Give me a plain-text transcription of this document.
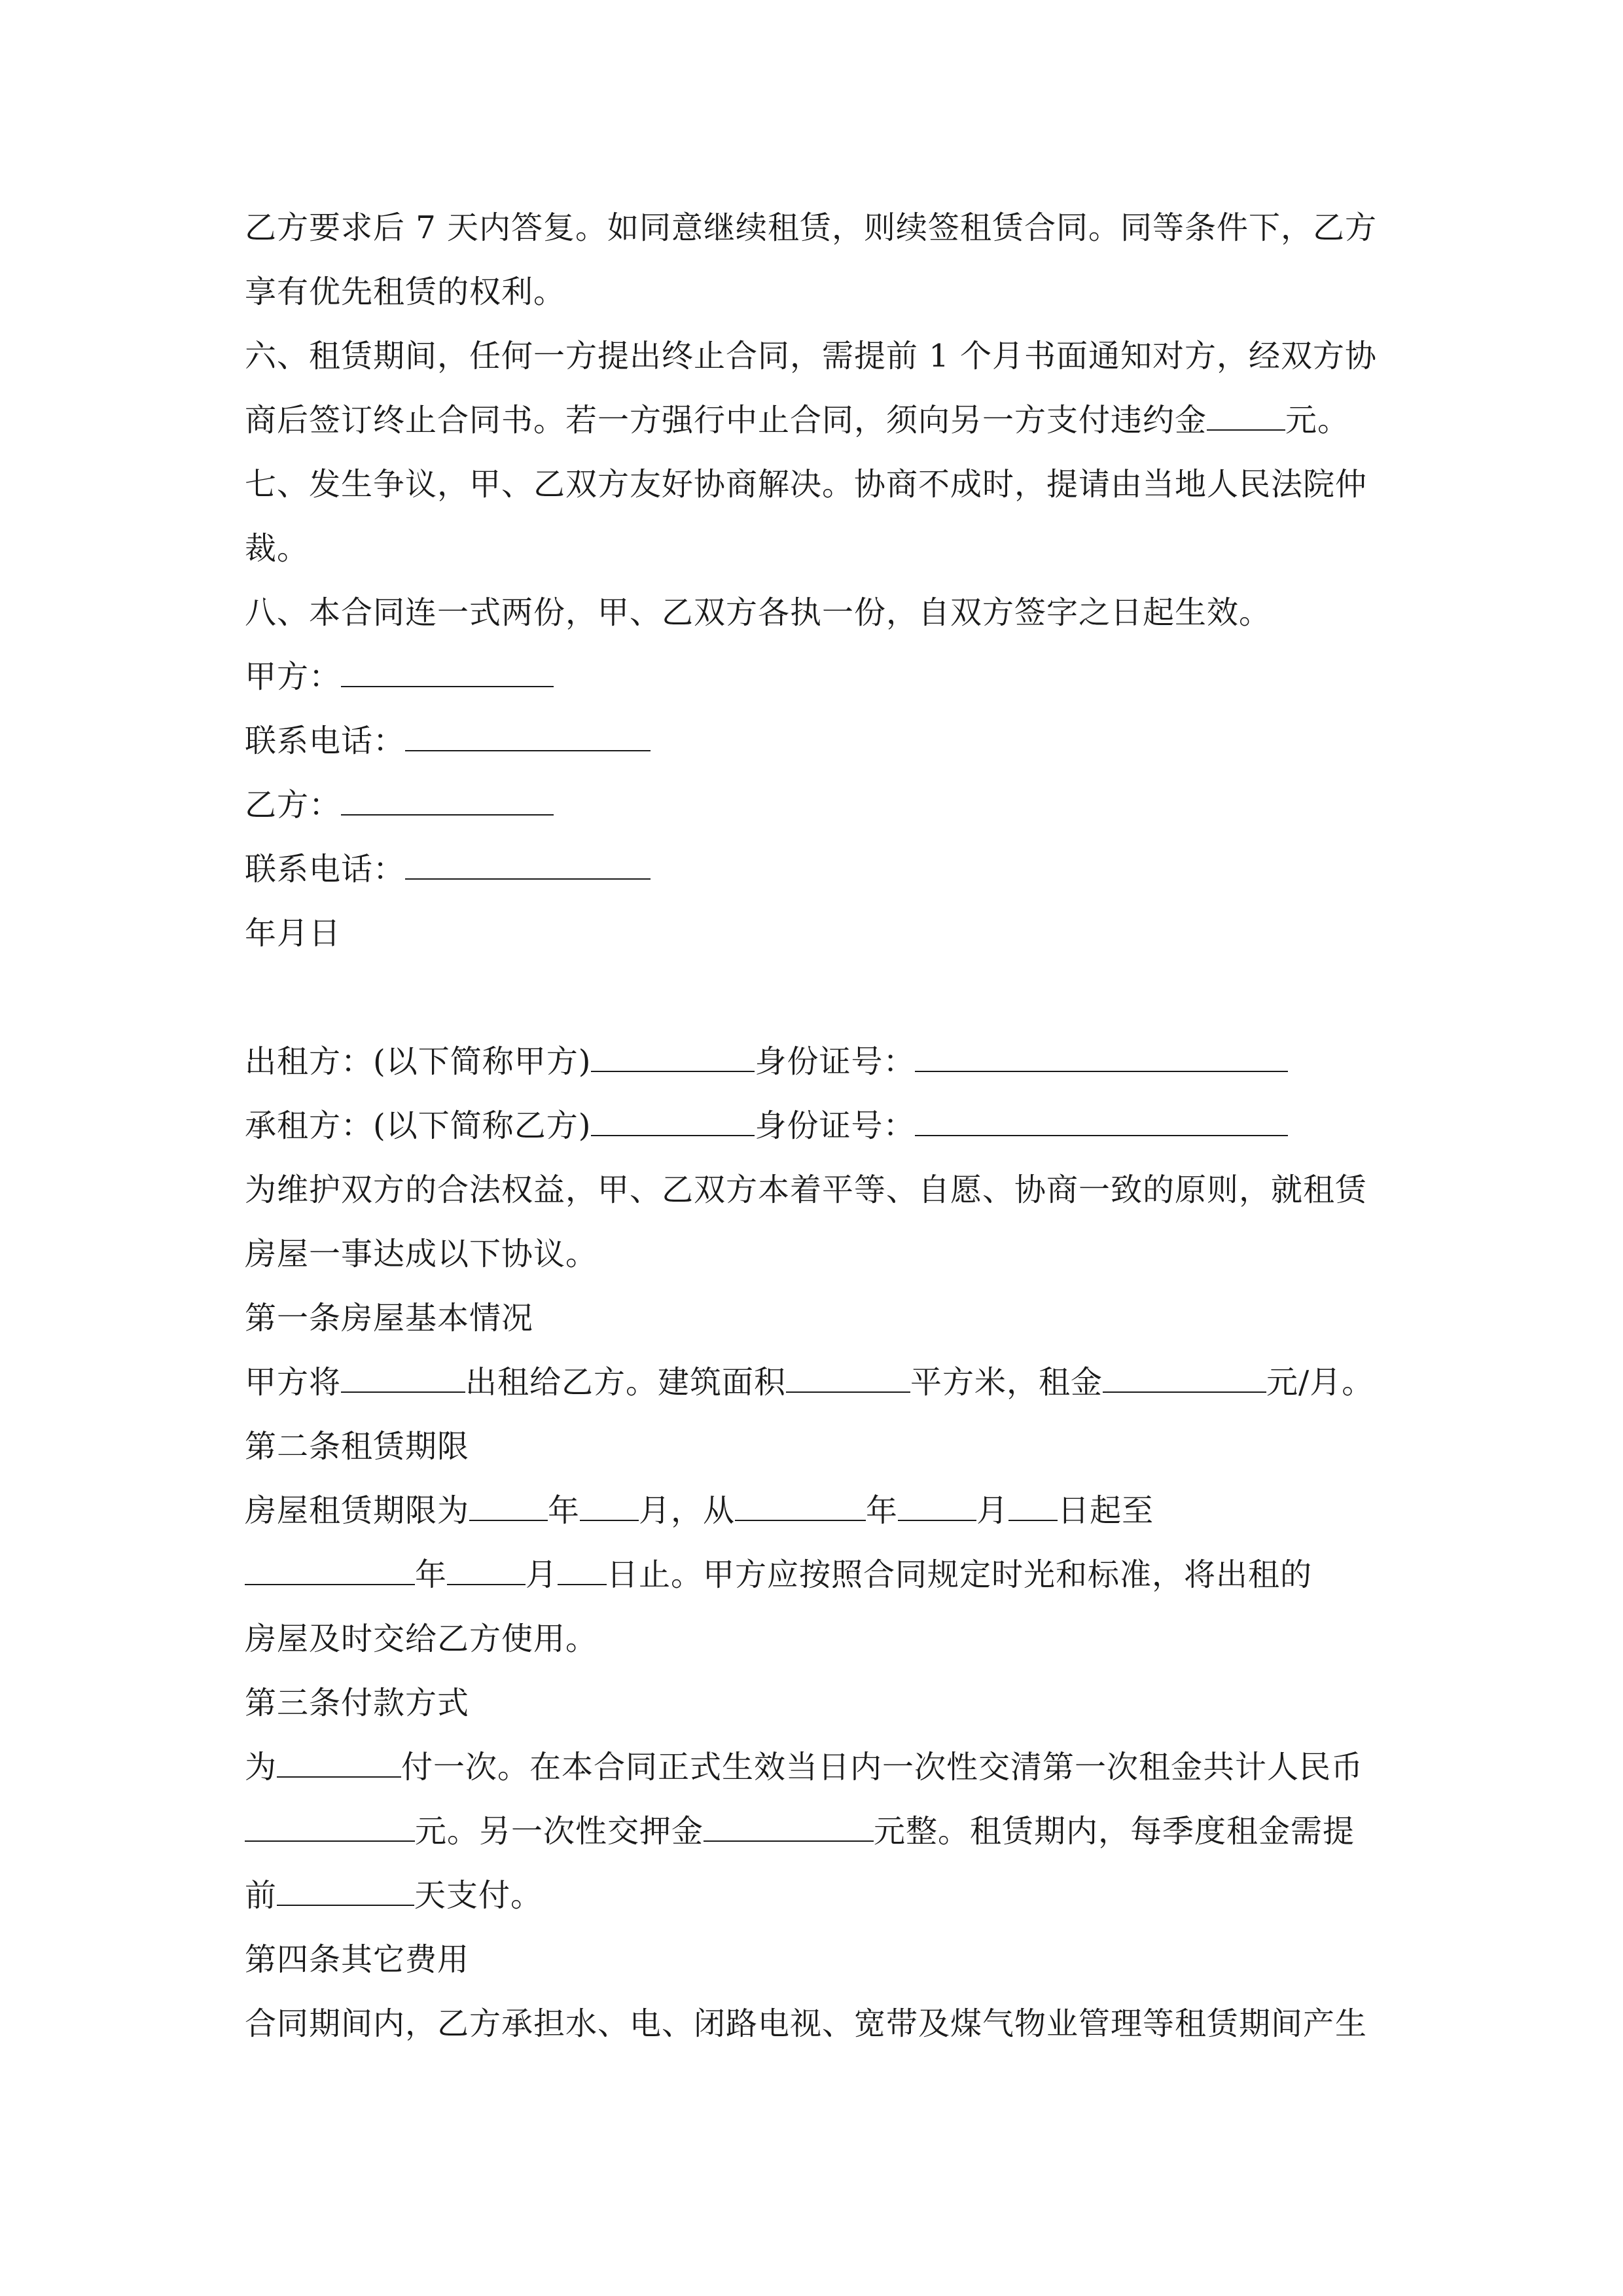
乙方要求后 7 天内答复。如同意继续租赁，则续签租赁合同。同等条件下，乙方
享有优先租赁的权利。
六、租赁期间，任何一方提出终止合同，需提前 1 个月书面通知对方，经双方协
商后签订终止合同书。若一方强行中止合同，须向另一方支付违约金	元。
七、发生争议，甲、乙双方友好协商解决。协商不成时，提请由当地人民法院仲
裁。
八、本合同连一式两份，甲、乙双方各执一份，自双方签字之日起生效。
甲方：
联系电话：
乙方：
联系电话：
年月日
出租方：(以下简称甲方)	身份证号：
承租方：(以下简称乙方)	身份证号：
为维护双方的合法权益，甲、乙双方本着平等、自愿、协商一致的原则，就租赁
房屋一事达成以下协议。
第一条房屋基本情况
甲方将	出租给乙方。建筑面积	平方米，租金	元/月。
第二条租赁期限
房屋租赁期限为	年 月，从	年	月 日起至
年	月 日止。甲方应按照合同规定时光和标准，将出租的
房屋及时交给乙方使用。
第三条付款方式
为	付一次。在本合同正式生效当日内一次性交清第一次租金共计人民币
元。另一次性交押金	元整。租赁期内，每季度租金需提
前	天支付。
第四条其它费用
合同期间内，乙方承担水、电、闭路电视、宽带及煤气物业管理等租赁期间产生
